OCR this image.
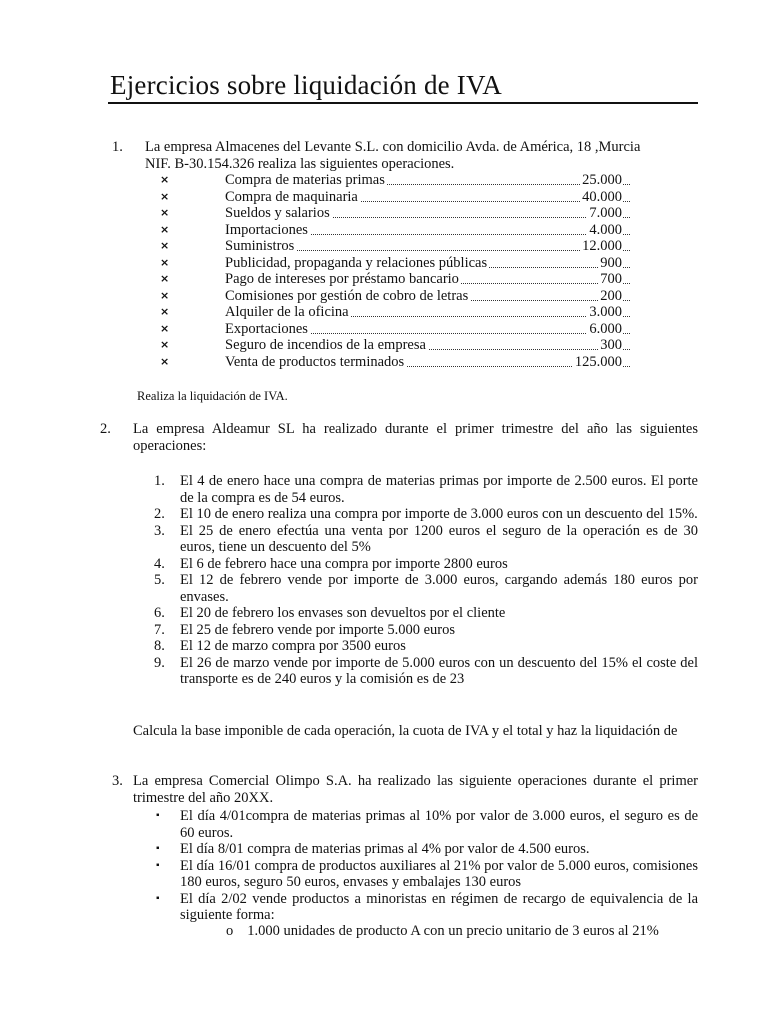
Ejercicios sobre liquidación de IVA
1. La empresa Almacenes del Levante S.L. con domicilio Avda. de América, 18 ,Murcia
NIF. B-30.154.326 realiza las siguientes operaciones.
×	Compra de materias primas	25.000
×	Compra de maquinaria	40.000
×	Sueldos y salarios	7.000
×	Importaciones	4.000
×	Suministros	12.000
×	Publicidad, propaganda y relaciones públicas	900
×	Pago de intereses por préstamo bancario	700
×	Comisiones por gestión de cobro de letras	200
×	Alquiler de la oficina	3.000
×	Exportaciones	6.000
×	Seguro de incendios de la empresa	300
×	Venta de productos terminados	125.000
Realiza la liquidación de IVA.
2. La empresa Aldeamur SL ha realizado durante el primer trimestre del año las siguientes operaciones:
1. El 4 de enero hace una compra de materias primas por importe de 2.500 euros. El porte de la compra es de 54 euros.
2. El 10 de enero realiza una compra por importe de 3.000 euros con un descuento del 15%.
3. El 25 de enero efectúa una venta por 1200 euros el seguro de la operación es de 30 euros, tiene un descuento del 5%
4. El 6 de febrero hace una compra por importe 2800 euros
5. El 12 de febrero vende por importe de 3.000 euros, cargando además 180 euros por envases.
6. El 20 de febrero los envases son devueltos por el cliente
7. El 25 de febrero vende por importe 5.000 euros
8. El 12 de marzo compra por 3500 euros
9. El 26 de marzo vende por importe de 5.000 euros con un descuento del 15% el coste del transporte es de 240 euros y la comisión es de 23
Calcula la base imponible de cada operación, la cuota de IVA y el total y haz la liquidación de
3. La empresa Comercial Olimpo S.A. ha realizado las siguiente operaciones durante el primer trimestre del año 20XX.
▪	El día 4/01compra de materias primas al 10% por valor de 3.000 euros, el seguro es de 60 euros.
▪	El día 8/01 compra de materias primas al 4% por valor de 4.500 euros.
▪	El día 16/01 compra de productos auxiliares al 21% por valor de 5.000 euros, comisiones 180 euros, seguro 50 euros, envases y embalajes 130 euros
▪	El día 2/02 vende productos a minoristas en régimen de recargo de equivalencia de la siguiente forma:
o 1.000 unidades de producto A con un precio unitario de 3 euros al 21%
